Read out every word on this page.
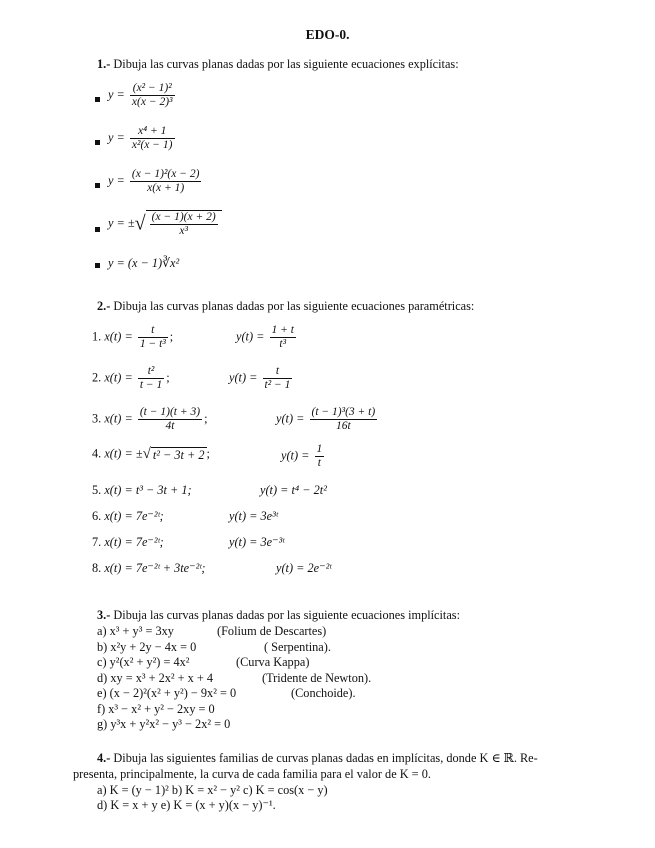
EDO-0.
1.- Dibuja las curvas planas dadas por las siguiente ecuaciones explícitas:
$y = \frac{\text{(x² − 1)²}}{\text{x(x − 2)³}}$
$y = \frac{\text{x⁴ + 1}}{\text{x²(x − 1)}}$
$y = \frac{\text{(x − 1)²(x − 2)}}{x(x + 1)}$
y = ±√ $\frac{(x - 1)(x + 2)}{\text{x³}}$
y = (x − 1)∛x²
2.- Dibuja las curvas planas dadas por las siguiente ecuaciones paramétricas:
1. $x(t) = \frac{t}{\text{1 − t³}}$ ;	$y(t) = \frac{1 + t}{\text{t³}}$
2. $x(t) = \frac{\text{t²}}{t - 1}$ ;	$y(t) = \frac{t}{\text{t² − 1}}$
3. $x(t) = \frac{(t - 1)(t + 3)}{4t}$ ;	$y(t) = \frac{\text{(t − 1)³(3 + t)}}{16t}$
4. x(t) = ±√ t² − 3t + 2 ;	$y(t) = \frac{1}{t}$
5. x(t) = t³ − 3t + 1;	y(t) = t⁴ − 2t²
6. x(t) = 7e⁻²ᵗ;	y(t) = 3e³ᵗ
7. x(t) = 7e⁻²ᵗ;	y(t) = 3e⁻³ᵗ
8. x(t) = 7e⁻²ᵗ + 3te⁻²ᵗ;	y(t) = 2e⁻²ᵗ
3.- Dibuja las curvas planas dadas por las siguiente ecuaciones implícitas:
a) x³ + y³ = 3xy	(Folium de Descartes)
b) x²y + 2y − 4x = 0	( Serpentina).
c) y²(x² + y²) = 4x²	(Curva Kappa)
d) xy = x³ + 2x² + x + 4	(Tridente de Newton).
e) (x − 2)²(x² + y²) − 9x² = 0	(Conchoide).
f) x³ − x² + y² − 2xy = 0
g) y³x + y²x² − y³ − 2x² = 0
4.- Dibuja las siguientes familias de curvas planas dadas en implícitas, donde K ∈ ℝ. Re-
presenta, principalmente, la curva de cada familia para el valor de K = 0.
a) K = (y − 1)² b) K = x² − y² c) K = cos(x − y)
d) K = x + y e) K = (x + y)(x − y)⁻¹.
